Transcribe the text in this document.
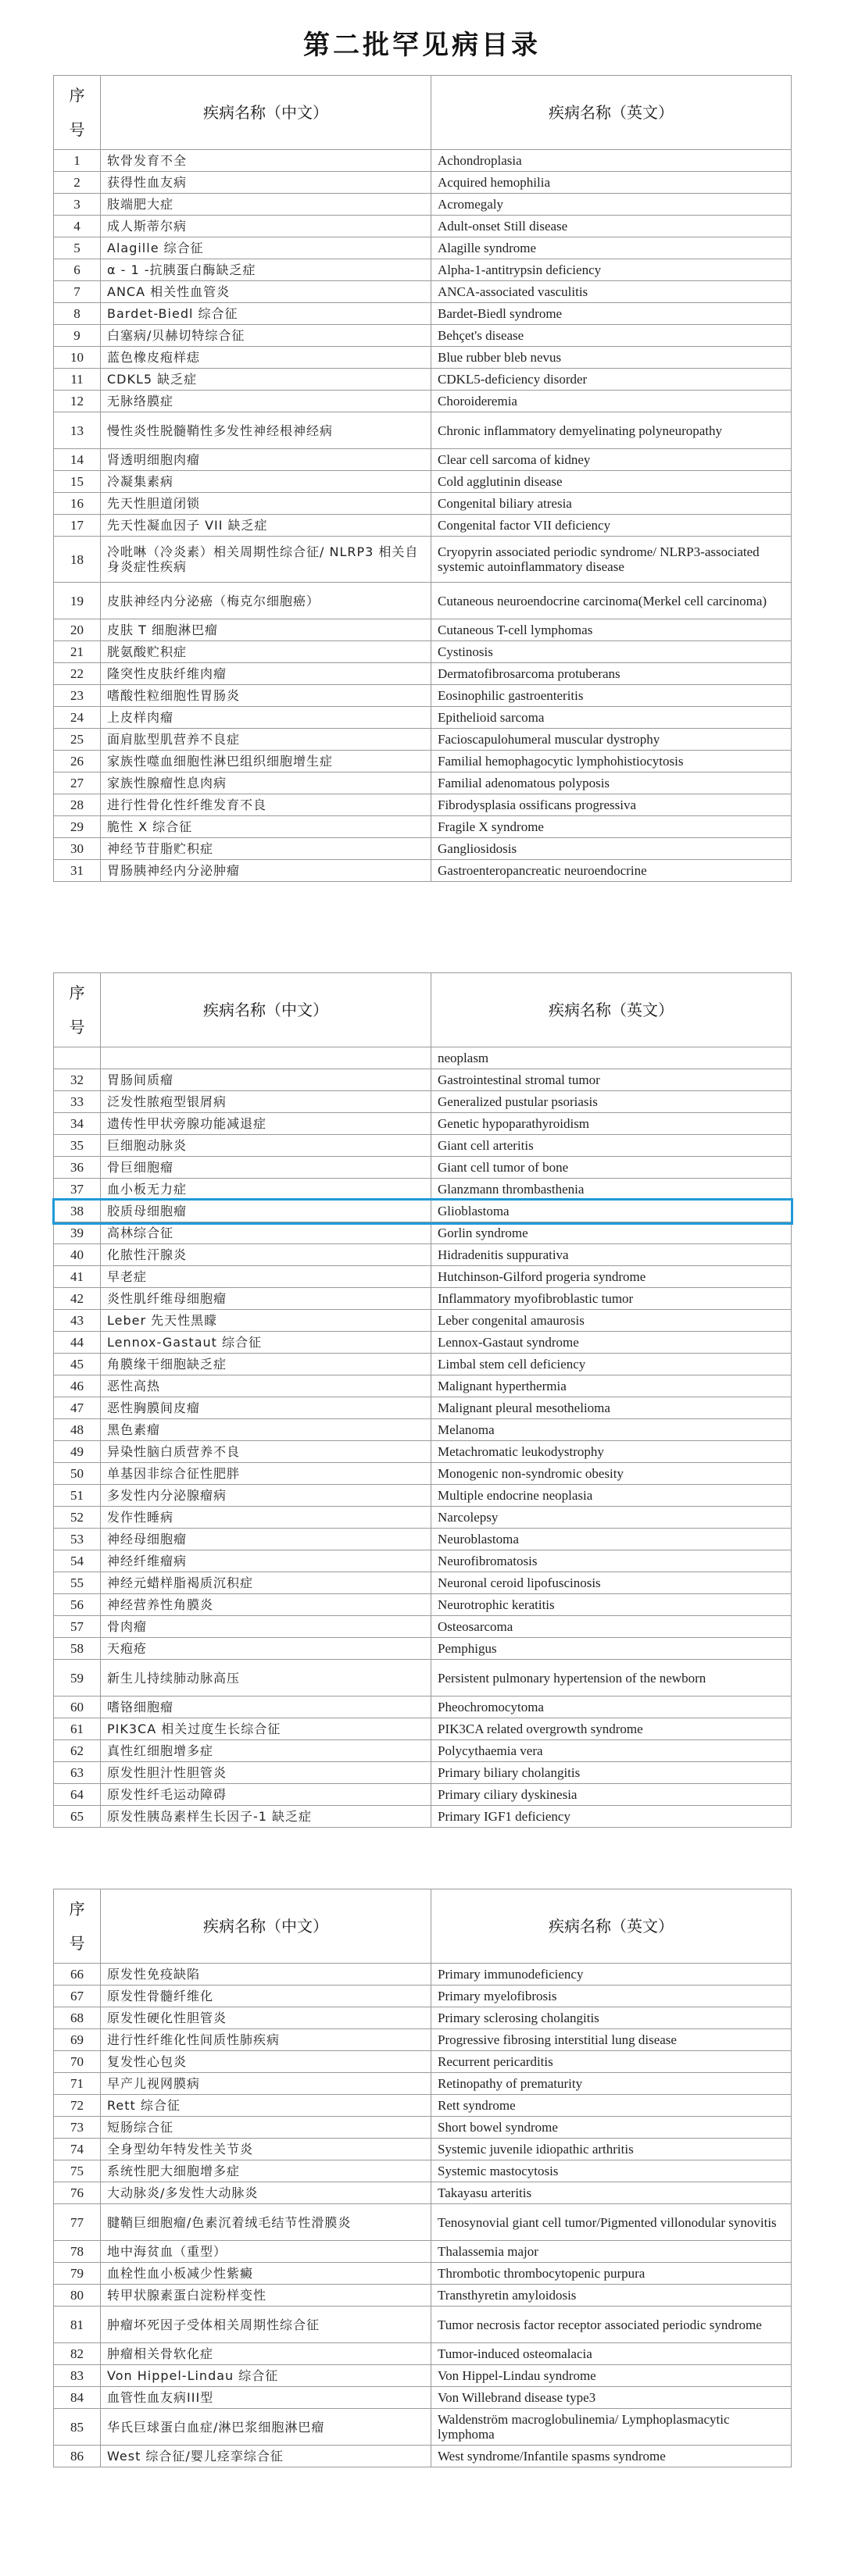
第二批罕见病目录
序
号	疾病名称（中文）	疾病名称（英文）
1	软骨发育不全	Achondroplasia
2	获得性血友病	Acquired hemophilia
3	肢端肥大症	Acromegaly
4	成人斯蒂尔病	Adult-onset Still disease
5	Alagille 综合征	Alagille syndrome
6	α - 1 -抗胰蛋白酶缺乏症	Alpha-1-antitrypsin deficiency
7	ANCA 相关性血管炎	ANCA-associated vasculitis
8	Bardet-Biedl 综合征	Bardet-Biedl syndrome
9	白塞病/贝赫切特综合征	Behçet's disease
10	蓝色橡皮疱样痣	Blue rubber bleb nevus
11	CDKL5 缺乏症	CDKL5-deficiency disorder
12	无脉络膜症	Choroideremia
13	慢性炎性脱髓鞘性多发性神经根神经病	Chronic inflammatory demyelinating polyneuropathy
14	肾透明细胞肉瘤	Clear cell sarcoma of kidney
15	冷凝集素病	Cold agglutinin disease
16	先天性胆道闭锁	Congenital biliary atresia
17	先天性凝血因子 VII 缺乏症	Congenital factor VII deficiency
18	冷吡啉（冷炎素）相关周期性综合征/ NLRP3 相关自身炎症性疾病	Cryopyrin associated periodic syndrome/ NLRP3-associated systemic autoinflammatory disease
19	皮肤神经内分泌癌（梅克尔细胞癌）	Cutaneous neuroendocrine carcinoma(Merkel cell carcinoma)
20	皮肤 T 细胞淋巴瘤	Cutaneous T-cell lymphomas
21	胱氨酸贮积症	Cystinosis
22	隆突性皮肤纤维肉瘤	Dermatofibrosarcoma protuberans
23	嗜酸性粒细胞性胃肠炎	Eosinophilic gastroenteritis
24	上皮样肉瘤	Epithelioid sarcoma
25	面肩肱型肌营养不良症	Facioscapulohumeral muscular dystrophy
26	家族性噬血细胞性淋巴组织细胞增生症	Familial hemophagocytic lymphohistiocytosis
27	家族性腺瘤性息肉病	Familial adenomatous polyposis
28	进行性骨化性纤维发育不良	Fibrodysplasia ossificans progressiva
29	脆性 X 综合征	Fragile X syndrome
30	神经节苷脂贮积症	Gangliosidosis
31	胃肠胰神经内分泌肿瘤	Gastroenteropancreatic neuroendocrine
序
号	疾病名称（中文）	疾病名称（英文）
		neoplasm
32	胃肠间质瘤	Gastrointestinal stromal tumor
33	泛发性脓疱型银屑病	Generalized pustular psoriasis
34	遗传性甲状旁腺功能减退症	Genetic hypoparathyroidism
35	巨细胞动脉炎	Giant cell arteritis
36	骨巨细胞瘤	Giant cell tumor of bone
37	血小板无力症	Glanzmann thrombasthenia
38	胶质母细胞瘤	Glioblastoma
39	高林综合征	Gorlin syndrome
40	化脓性汗腺炎	Hidradenitis suppurativa
41	早老症	Hutchinson-Gilford progeria syndrome
42	炎性肌纤维母细胞瘤	Inflammatory myofibroblastic tumor
43	Leber 先天性黑矇	Leber congenital amaurosis
44	Lennox-Gastaut 综合征	Lennox-Gastaut syndrome
45	角膜缘干细胞缺乏症	Limbal stem cell deficiency
46	恶性高热	Malignant hyperthermia
47	恶性胸膜间皮瘤	Malignant pleural mesothelioma
48	黑色素瘤	Melanoma
49	异染性脑白质营养不良	Metachromatic leukodystrophy
50	单基因非综合征性肥胖	Monogenic non-syndromic obesity
51	多发性内分泌腺瘤病	Multiple endocrine neoplasia
52	发作性睡病	Narcolepsy
53	神经母细胞瘤	Neuroblastoma
54	神经纤维瘤病	Neurofibromatosis
55	神经元蜡样脂褐质沉积症	Neuronal ceroid lipofuscinosis
56	神经营养性角膜炎	Neurotrophic keratitis
57	骨肉瘤	Osteosarcoma
58	天疱疮	Pemphigus
59	新生儿持续肺动脉高压	Persistent pulmonary hypertension of the newborn
60	嗜铬细胞瘤	Pheochromocytoma
61	PIK3CA 相关过度生长综合征	PIK3CA related overgrowth syndrome
62	真性红细胞增多症	Polycythaemia vera
63	原发性胆汁性胆管炎	Primary biliary cholangitis
64	原发性纤毛运动障碍	Primary ciliary dyskinesia
65	原发性胰岛素样生长因子-1 缺乏症	Primary IGF1 deficiency
序
号	疾病名称（中文）	疾病名称（英文）
66	原发性免疫缺陷	Primary immunodeficiency
67	原发性骨髓纤维化	Primary myelofibrosis
68	原发性硬化性胆管炎	Primary sclerosing cholangitis
69	进行性纤维化性间质性肺疾病	Progressive fibrosing interstitial lung disease
70	复发性心包炎	Recurrent pericarditis
71	早产儿视网膜病	Retinopathy of prematurity
72	Rett 综合征	Rett syndrome
73	短肠综合征	Short bowel syndrome
74	全身型幼年特发性关节炎	Systemic juvenile idiopathic arthritis
75	系统性肥大细胞增多症	Systemic mastocytosis
76	大动脉炎/多发性大动脉炎	Takayasu arteritis
77	腱鞘巨细胞瘤/色素沉着绒毛结节性滑膜炎	Tenosynovial giant cell tumor/Pigmented villonodular synovitis
78	地中海贫血（重型）	Thalassemia major
79	血栓性血小板减少性紫癜	Thrombotic thrombocytopenic purpura
80	转甲状腺素蛋白淀粉样变性	Transthyretin amyloidosis
81	肿瘤坏死因子受体相关周期性综合征	Tumor necrosis factor receptor associated periodic syndrome
82	肿瘤相关骨软化症	Tumor-induced osteomalacia
83	Von Hippel-Lindau 综合征	Von Hippel-Lindau syndrome
84	血管性血友病III型	Von Willebrand disease type3
85	华氏巨球蛋白血症/淋巴浆细胞淋巴瘤	Waldenström macroglobulinemia/ Lymphoplasmacytic lymphoma
86	West 综合征/婴儿痉挛综合征	West syndrome/Infantile spasms syndrome
